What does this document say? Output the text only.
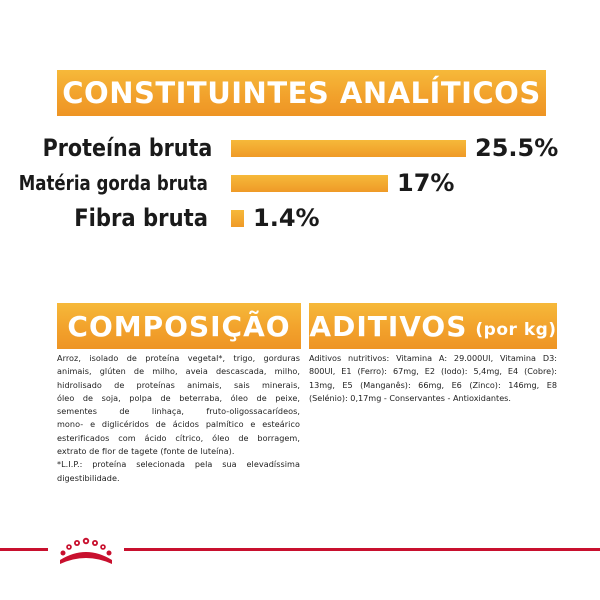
CONSTITUINTES ANALÍTICOS
Proteína bruta	25.5%
Matéria gorda bruta	17%
Fibra bruta 1.4%
COMPOSIÇÃO ADITIVOS (por kg)
Arroz, isolado de proteína vegetal*, trigo, gorduras
animais, glúten de milho, aveia descascada, milho,
hidrolisado de proteínas animais, sais minerais,
óleo de soja, polpa de beterraba, óleo de peixe,
sementes de linhaça, fruto-oligossacarídeos,
mono- e diglicéridos de ácidos palmítico e esteárico
esterificados com ácido cítrico, óleo de borragem,
extrato de flor de tagete (fonte de luteína).
*L.I.P.: proteína selecionada pela sua elevadíssima
digestibilidade.
Aditivos nutritivos: Vitamina A: 29.000UI, Vitamina D3:
800UI, E1 (Ferro): 67mg, E2 (Iodo): 5,4mg, E4 (Cobre):
13mg, E5 (Manganês): 66mg, E6 (Zinco): 146mg, E8
(Selénio): 0,17mg - Conservantes - Antioxidantes.
